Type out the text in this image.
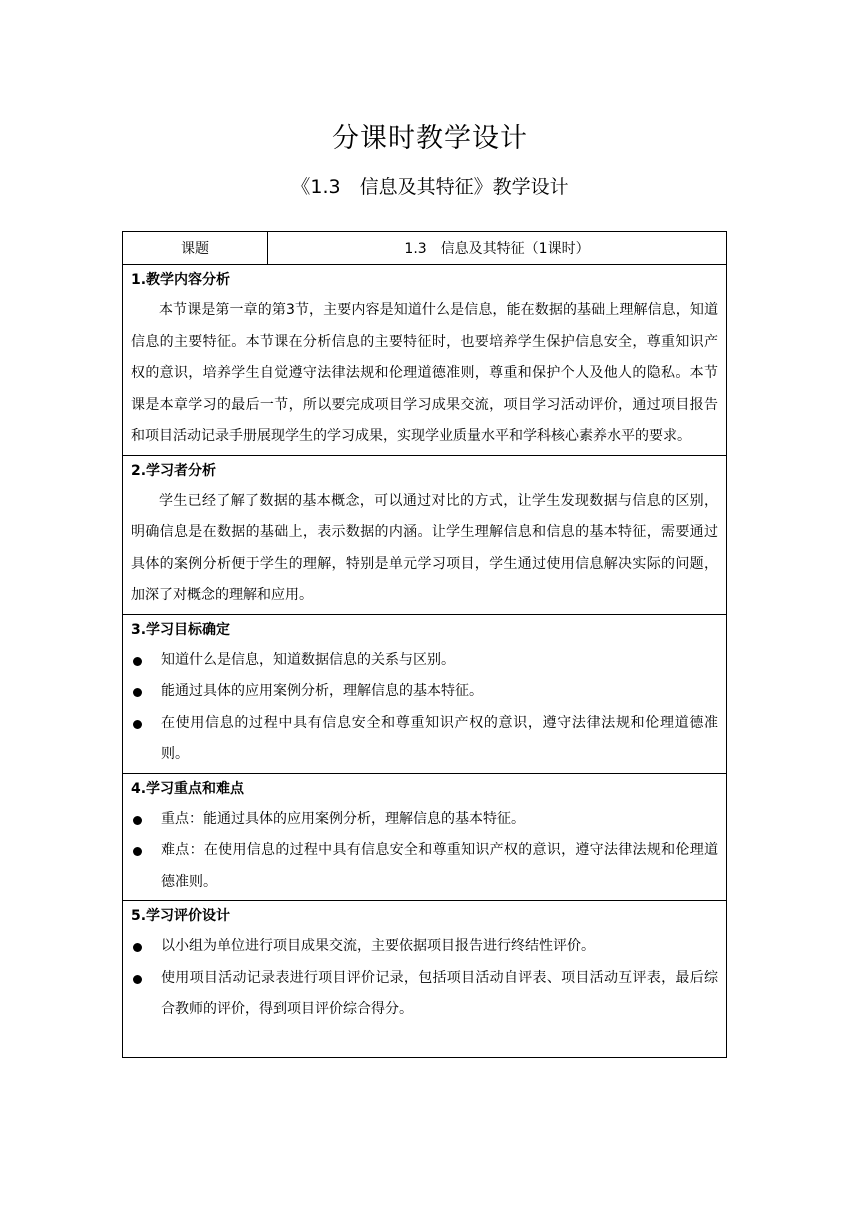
分课时教学设计
《1.3　信息及其特征》教学设计
课题	1.3　信息及其特征（1课时）
1.教学内容分析
本节课是第一章的第3节，主要内容是知道什么是信息，能在数据的基础上理解信息，知道信息的主要特征。本节课在分析信息的主要特征时，也要培养学生保护信息安全，尊重知识产权的意识，培养学生自觉遵守法律法规和伦理道德准则，尊重和保护个人及他人的隐私。本节课是本章学习的最后一节，所以要完成项目学习成果交流，项目学习活动评价，通过项目报告和项目活动记录手册展现学生的学习成果，实现学业质量水平和学科核心素养水平的要求。
2.学习者分析
学生已经了解了数据的基本概念，可以通过对比的方式，让学生发现数据与信息的区别，明确信息是在数据的基础上，表示数据的内涵。让学生理解信息和信息的基本特征，需要通过具体的案例分析便于学生的理解，特别是单元学习项目，学生通过使用信息解决实际的问题，加深了对概念的理解和应用。
3.学习目标确定
知道什么是信息，知道数据信息的关系与区别。
能通过具体的应用案例分析，理解信息的基本特征。
在使用信息的过程中具有信息安全和尊重知识产权的意识，遵守法律法规和伦理道德准则。
4.学习重点和难点
重点：能通过具体的应用案例分析，理解信息的基本特征。
难点：在使用信息的过程中具有信息安全和尊重知识产权的意识，遵守法律法规和伦理道德准则。
5.学习评价设计
以小组为单位进行项目成果交流，主要依据项目报告进行终结性评价。
使用项目活动记录表进行项目评价记录，包括项目活动自评表、项目活动互评表，最后综合教师的评价，得到项目评价综合得分。
